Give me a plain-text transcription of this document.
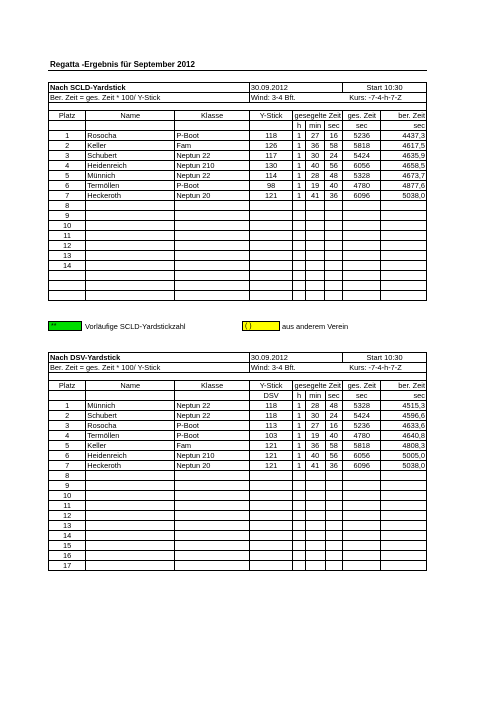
Regatta -Ergebnis für September 2012
Nach SCLD-Yardstick			30.09.2012				Start 10:30	
Ber. Zeit = ges. Zeit * 100/ Y-Stick			Wind: 3-4 Bft.			Kurs: -7-4-h-7-Z		

Platz	Name	Klasse	Y-Stick	gesegelte Zeit			ges. Zeit	ber. Zeit
				h	min	sec	sec	sec
1	Rosocha	P-Boot	118	1	27	16	5236	4437,3
2	Keller	Fam	126	1	36	58	5818	4617,5
3	Schubert	Neptun 22	117	1	30	24	5424	4635,9
4	Heidenreich	Neptun 210	130	1	40	56	6056	4658,5
5	Münnich	Neptun 22	114	1	28	48	5328	4673,7
6	Termöllen	P-Boot	98	1	19	40	4780	4877,6
7	Heckeroth	Neptun 20	121	1	41	36	6096	5038,0
8								
9								
10								
11								
12								
13								
14								

Nach DSV-Yardstick			30.09.2012				Start 10:30	
Ber. Zeit = ges. Zeit * 100/ Y-Stick			Wind: 3-4 Bft.			Kurs: -7-4-h-7-Z		

Platz	Name	Klasse	Y-Stick	gesegelte Zeit			ges. Zeit	ber. Zeit
			DSV	h	min	sec	sec	sec
1	Münnich	Neptun 22	118	1	28	48	5328	4515,3
2	Schubert	Neptun 22	118	1	30	24	5424	4596,6
3	Rosocha	P-Boot	113	1	27	16	5236	4633,6
4	Termöllen	P-Boot	103	1	19	40	4780	4640,8
5	Keller	Fam	121	1	36	58	5818	4808,3
6	Heidenreich	Neptun 210	121	1	40	56	6056	5005,0
7	Heckeroth	Neptun 20	121	1	41	36	6096	5038,0
8								
9								
10								
11								
12								
13								
14								
15								
16								
17								
**	Vorläufige SCLD-Yardstickzahl	( )	aus anderem Verein
